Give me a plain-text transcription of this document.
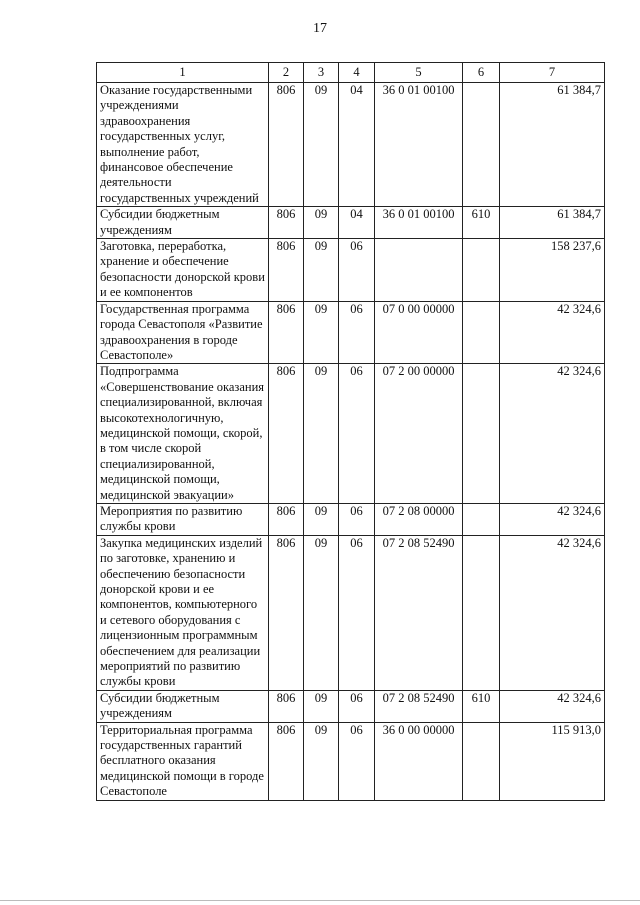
17
1	2	3	4	5	6	7
Оказание государственными учреждениями здравоохранения государственных услуг, выполнение работ, финансовое обеспечение деятельности государственных учреждений	806	09	04	36 0 01 00100		61 384,7
Субсидии бюджетным учреждениям	806	09	04	36 0 01 00100	610	61 384,7
Заготовка, переработка, хранение и обеспечение безопасности донорской крови и ее компонентов	806	09	06			158 237,6
Государственная программа города Севастополя «Развитие здравоохранения в городе Севастополе»	806	09	06	07 0 00 00000		42 324,6
Подпрограмма «Совершенствование оказания специализированной, включая высокотехнологичную, медицинской помощи, скорой, в том числе скорой специализированной, медицинской помощи, медицинской эвакуации»	806	09	06	07 2 00 00000		42 324,6
Мероприятия по развитию службы крови	806	09	06	07 2 08 00000		42 324,6
Закупка медицинских изделий по заготовке, хранению и обеспечению безопасности донорской крови и ее компонентов, компьютерного и сетевого оборудования с лицензионным программным обеспечением для реализации мероприятий по развитию службы крови	806	09	06	07 2 08 52490		42 324,6
Субсидии бюджетным учреждениям	806	09	06	07 2 08 52490	610	42 324,6
Территориальная программа государственных гарантий бесплатного оказания медицинской помощи в городе Севастополе	806	09	06	36 0 00 00000		115 913,0
